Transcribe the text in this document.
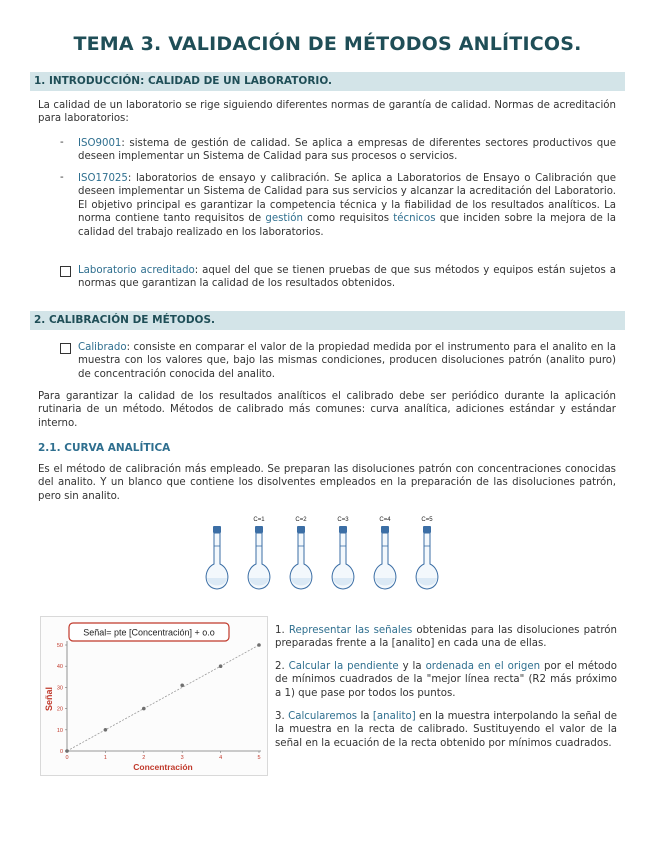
TEMA 3. VALIDACIÓN DE MÉTODOS ANLÍTICOS.
1. INTRODUCCIÓN: CALIDAD DE UN LABORATORIO.
La calidad de un laboratorio se rige siguiendo diferentes normas de garantía de calidad. Normas de acreditación para laboratorios:
- ISO9001: sistema de gestión de calidad. Se aplica a empresas de diferentes sectores productivos que deseen implementar un Sistema de Calidad para sus procesos o servicios.
- ISO17025: laboratorios de ensayo y calibración. Se aplica a Laboratorios de Ensayo o Calibración que deseen implementar un Sistema de Calidad para sus servicios y alcanzar la acreditación del Laboratorio. El objetivo principal es garantizar la competencia técnica y la fiabilidad de los resultados analíticos. La norma contiene tanto requisitos de gestión como requisitos técnicos que inciden sobre la mejora de la calidad del trabajo realizado en los laboratorios.
Laboratorio acreditado: aquel del que se tienen pruebas de que sus métodos y equipos están sujetos a normas que garantizan la calidad de los resultados obtenidos.
2. CALIBRACIÓN DE MÉTODOS.
Calibrado: consiste en comparar el valor de la propiedad medida por el instrumento para el analito en la muestra con los valores que, bajo las mismas condiciones, producen disoluciones patrón (analito puro) de concentración conocida del analito.
Para garantizar la calidad de los resultados analíticos el calibrado debe ser periódico durante la aplicación rutinaria de un método. Métodos de calibrado más comunes: curva analítica, adiciones estándar y estándar interno.
2.1. CURVA ANALÍTICA
Es el método de calibración más empleado. Se preparan las disoluciones patrón con concentraciones conocidas del analito. Y un blanco que contiene los disolventes empleados en la preparación de las disoluciones patrón, pero sin analito.
C=1	C=2	C=3	C=4	C=5
Señal= pte [Concentración] + o.o
0	1	2	3	4	5
0
10
20
30
40
50
Señal
Concentración
1. Representar las señales obtenidas para las disoluciones patrón preparadas frente a la [analito] en cada una de ellas.
2. Calcular la pendiente y la ordenada en el origen por el método de mínimos cuadrados de la "mejor línea recta" (R2 más próximo a 1) que pase por todos los puntos.
3. Calcularemos la [analito] en la muestra interpolando la señal de la muestra en la recta de calibrado. Sustituyendo el valor de la señal en la ecuación de la recta obtenido por mínimos cuadrados.
